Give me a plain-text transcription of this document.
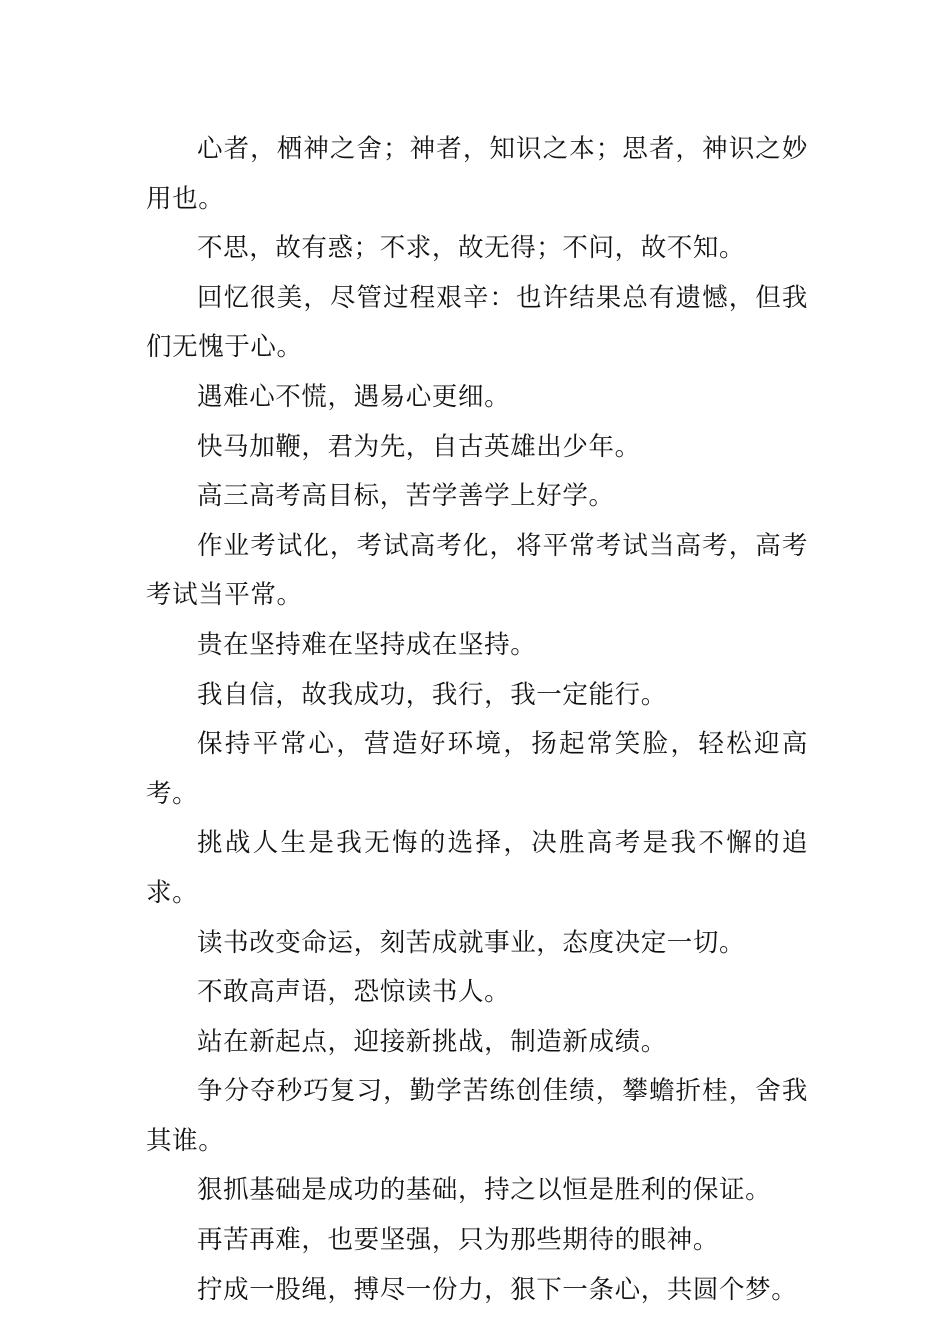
心者，栖神之舍；神者，知识之本；思者，神识之妙用也。

不思，故有惑；不求，故无得；不问，故不知。

回忆很美，尽管过程艰辛：也许结果总有遗憾，但我们无愧于心。

遇难心不慌，遇易心更细。

快马加鞭，君为先，自古英雄出少年。

高三高考高目标，苦学善学上好学。

作业考试化，考试高考化，将平常考试当高考，高考考试当平常。

贵在坚持难在坚持成在坚持。

我自信，故我成功，我行，我一定能行。

保持平常心，营造好环境，扬起常笑脸，轻松迎高考。

挑战人生是我无悔的选择，决胜高考是我不懈的追求。

读书改变命运，刻苦成就事业，态度决定一切。

不敢高声语，恐惊读书人。

站在新起点，迎接新挑战，制造新成绩。

争分夺秒巧复习，勤学苦练创佳绩，攀蟾折桂，舍我其谁。

狠抓基础是成功的基础，持之以恒是胜利的保证。

再苦再难，也要坚强，只为那些期待的眼神。

拧成一股绳，搏尽一份力，狠下一条心，共圆个梦。
